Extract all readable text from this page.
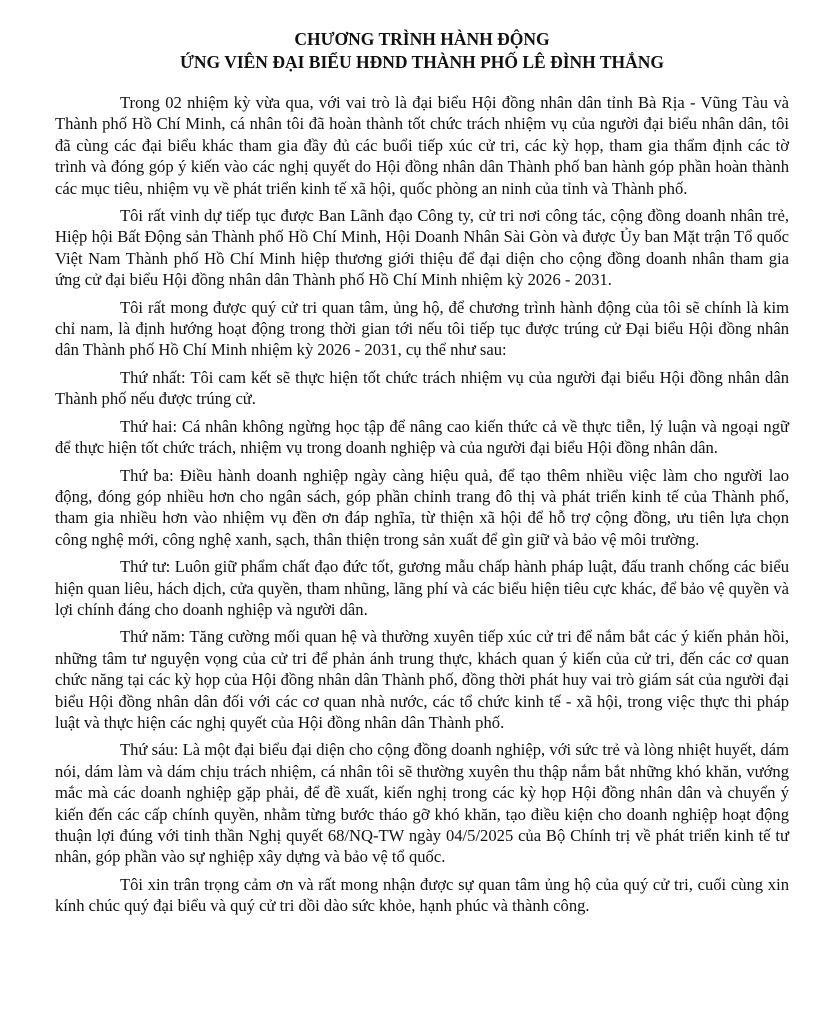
CHƯƠNG TRÌNH HÀNH ĐỘNG

ỨNG VIÊN ĐẠI BIỂU HĐND THÀNH PHỐ LÊ ĐÌNH THẮNG

Trong 02 nhiệm kỳ vừa qua, với vai trò là đại biểu Hội đồng nhân dân tỉnh Bà Rịa - Vũng Tàu và Thành phố Hồ Chí Minh, cá nhân tôi đã hoàn thành tốt chức trách nhiệm vụ của người đại biểu nhân dân, tôi đã cùng các đại biểu khác tham gia đầy đủ các buổi tiếp xúc cử tri, các kỳ họp, tham gia thẩm định các tờ trình và đóng góp ý kiến vào các nghị quyết do Hội đồng nhân dân Thành phố ban hành góp phần hoàn thành các mục tiêu, nhiệm vụ về phát triển kinh tế xã hội, quốc phòng an ninh của tỉnh và Thành phố.

Tôi rất vinh dự tiếp tục được Ban Lãnh đạo Công ty, cử tri nơi công tác, cộng đồng doanh nhân trẻ, Hiệp hội Bất Động sản Thành phố Hồ Chí Minh, Hội Doanh Nhân Sài Gòn và được Ủy ban Mặt trận Tổ quốc Việt Nam Thành phố Hồ Chí Minh hiệp thương giới thiệu để đại diện cho cộng đồng doanh nhân tham gia ứng cử đại biểu Hội đồng nhân dân Thành phố Hồ Chí Minh nhiệm kỳ 2026 - 2031.

Tôi rất mong được quý cử tri quan tâm, ủng hộ, để chương trình hành động của tôi sẽ chính là kim chỉ nam, là định hướng hoạt động trong thời gian tới nếu tôi tiếp tục được trúng cử Đại biểu Hội đồng nhân dân Thành phố Hồ Chí Minh nhiệm kỳ 2026 - 2031, cụ thể như sau:

Thứ nhất: Tôi cam kết sẽ thực hiện tốt chức trách nhiệm vụ của người đại biểu Hội đồng nhân dân Thành phố nếu được trúng cử.

Thứ hai: Cá nhân không ngừng học tập để nâng cao kiến thức cả về thực tiễn, lý luận và ngoại ngữ để thực hiện tốt chức trách, nhiệm vụ trong doanh nghiệp và của người đại biểu Hội đồng nhân dân.

Thứ ba: Điều hành doanh nghiệp ngày càng hiệu quả, để tạo thêm nhiều việc làm cho người lao động, đóng góp nhiều hơn cho ngân sách, góp phần chỉnh trang đô thị và phát triển kinh tế của Thành phố, tham gia nhiều hơn vào nhiệm vụ đền ơn đáp nghĩa, từ thiện xã hội để hỗ trợ cộng đồng, ưu tiên lựa chọn công nghệ mới, công nghệ xanh, sạch, thân thiện trong sản xuất để gìn giữ và bảo vệ môi trường.

Thứ tư: Luôn giữ phẩm chất đạo đức tốt, gương mẫu chấp hành pháp luật, đấu tranh chống các biểu hiện quan liêu, hách dịch, cửa quyền, tham nhũng, lãng phí và các biểu hiện tiêu cực khác, để bảo vệ quyền và lợi chính đáng cho doanh nghiệp và người dân.

Thứ năm: Tăng cường mối quan hệ và thường xuyên tiếp xúc cử tri để nắm bắt các ý kiến phản hồi, những tâm tư nguyện vọng của cử tri để phản ánh trung thực, khách quan ý kiến của cử tri, đến các cơ quan chức năng tại các kỳ họp của Hội đồng nhân dân Thành phố, đồng thời phát huy vai trò giám sát của người đại biểu Hội đồng nhân dân đối với các cơ quan nhà nước, các tổ chức kinh tế - xã hội, trong việc thực thi pháp luật và thực hiện các nghị quyết của Hội đồng nhân dân Thành phố.

Thứ sáu: Là một đại biểu đại diện cho cộng đồng doanh nghiệp, với sức trẻ và lòng nhiệt huyết, dám nói, dám làm và dám chịu trách nhiệm, cá nhân tôi sẽ thường xuyên thu thập nắm bắt những khó khăn, vướng mắc mà các doanh nghiệp gặp phải, để đề xuất, kiến nghị trong các kỳ họp Hội đồng nhân dân và chuyển ý kiến đến các cấp chính quyền, nhằm từng bước tháo gỡ khó khăn, tạo điều kiện cho doanh nghiệp hoạt động thuận lợi đúng với tinh thần Nghị quyết 68/NQ-TW ngày 04/5/2025 của Bộ Chính trị về phát triển kinh tế tư nhân, góp phần vào sự nghiệp xây dựng và bảo vệ tổ quốc.

Tôi xin trân trọng cảm ơn và rất mong nhận được sự quan tâm ủng hộ của quý cử tri, cuối cùng xin kính chúc quý đại biểu và quý cử tri dồi dào sức khỏe, hạnh phúc và thành công.
